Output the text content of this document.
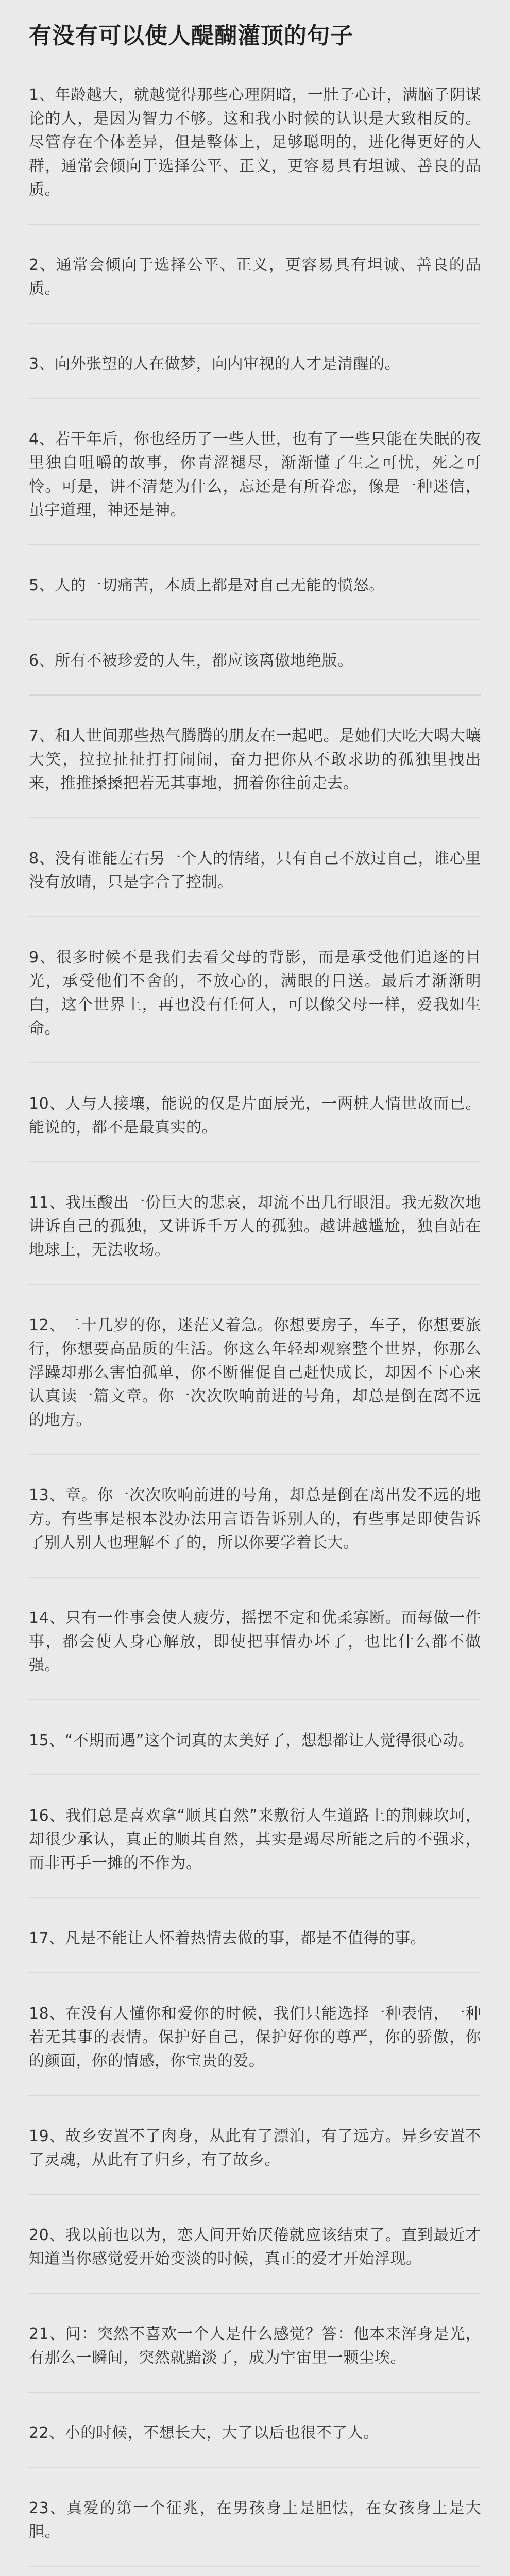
有没有可以使人醍醐灌顶的句子

1、年龄越大，就越觉得那些心理阴暗，一肚子心计，满脑子阴谋论的人，是因为智力不够。这和我小时候的认识是大致相反的。尽管存在个体差异，但是整体上，足够聪明的，进化得更好的人群，通常会倾向于选择公平、正义，更容易具有坦诚、善良的品质。

2、通常会倾向于选择公平、正义，更容易具有坦诚、善良的品质。

3、向外张望的人在做梦，向内审视的人才是清醒的。

4、若干年后，你也经历了一些人世，也有了一些只能在失眠的夜里独自咀嚼的故事，你青涩褪尽，渐渐懂了生之可忧，死之可怜。可是，讲不清楚为什么，忘还是有所眷恋，像是一种迷信，虽宇道理，神还是神。

5、人的一切痛苦，本质上都是对自己无能的愤怒。

6、所有不被珍爱的人生，都应该离傲地绝版。

7、和人世间那些热气腾腾的朋友在一起吧。是她们大吃大喝大嚷大笑，拉拉扯扯打打闹闹，奋力把你从不敢求助的孤独里拽出来，推推搡搡把若无其事地，拥着你往前走去。

8、没有谁能左右另一个人的情绪，只有自己不放过自己，谁心里没有放晴，只是字合了控制。

9、很多时候不是我们去看父母的背影，而是承受他们追逐的目光，承受他们不舍的，不放心的，满眼的目送。最后才渐渐明白，这个世界上，再也没有任何人，可以像父母一样，爱我如生命。

10、人与人接壤，能说的仅是片面辰光，一两桩人情世故而已。能说的，都不是最真实的。

11、我压酸出一份巨大的悲哀，却流不出几行眼泪。我无数次地讲诉自己的孤独，又讲诉千万人的孤独。越讲越尴尬，独自站在地球上，无法收场。

12、二十几岁的你，迷茫又着急。你想要房子，车子，你想要旅行，你想要高品质的生活。你这么年轻却观察整个世界，你那么浮躁却那么害怕孤单，你不断催促自己赶快成长，却因不下心来认真读一篇文章。你一次次吹响前进的号角，却总是倒在离不远的地方。

13、章。你一次次吹响前进的号角，却总是倒在离出发不远的地方。有些事是根本没办法用言语告诉别人的，有些事是即使告诉了别人别人也理解不了的，所以你要学着长大。

14、只有一件事会使人疲劳，摇摆不定和优柔寡断。而每做一件事，都会使人身心解放，即使把事情办坏了，也比什么都不做强。

15、“不期而遇”这个词真的太美好了，想想都让人觉得很心动。

16、我们总是喜欢拿“顺其自然”来敷衍人生道路上的荆棘坎坷，却很少承认，真正的顺其自然，其实是竭尽所能之后的不强求，而非再手一摊的不作为。

17、凡是不能让人怀着热情去做的事，都是不值得的事。

18、在没有人懂你和爱你的时候，我们只能选择一种表情，一种若无其事的表情。保护好自己，保护好你的尊严，你的骄傲，你的颜面，你的情感，你宝贵的爱。

19、故乡安置不了肉身，从此有了漂泊，有了远方。异乡安置不了灵魂，从此有了归乡，有了故乡。

20、我以前也以为，恋人间开始厌倦就应该结束了。直到最近才知道当你感觉爱开始变淡的时候，真正的爱才开始浮现。

21、问：突然不喜欢一个人是什么感觉？答：他本来浑身是光，有那么一瞬间，突然就黯淡了，成为宇宙里一颗尘埃。

22、小的时候，不想长大，大了以后也很不了人。

23、真爱的第一个征兆，在男孩身上是胆怯，在女孩身上是大胆。
